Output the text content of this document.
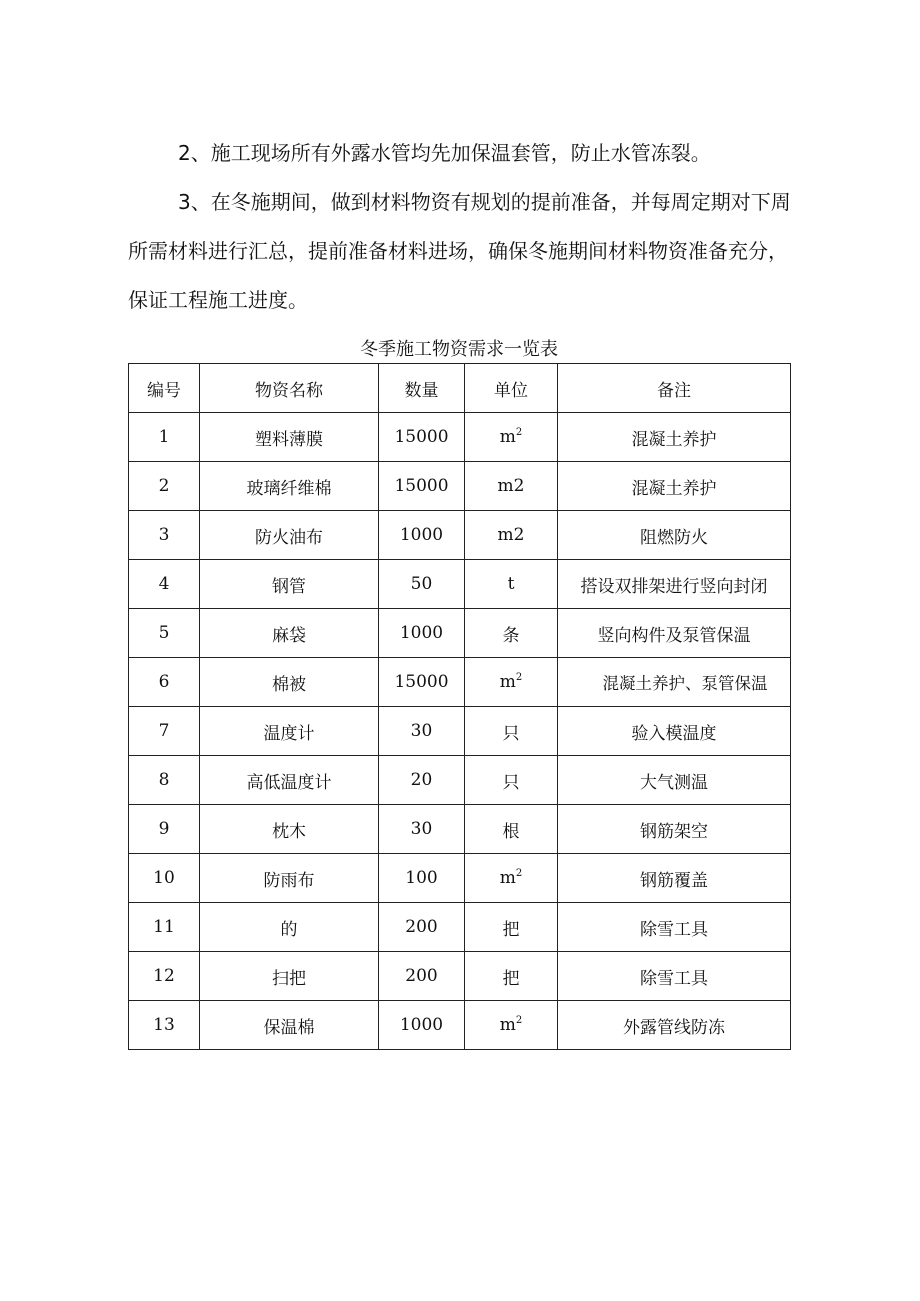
2、施工现场所有外露水管均先加保温套管，防止水管冻裂。

3、在冬施期间，做到材料物资有规划的提前准备，并每周定期对下周
所需材料进行汇总，提前准备材料进场，确保冬施期间材料物资准备充分，
保证工程施工进度。

冬季施工物资需求一览表

编号	物资名称	数量	单位	备注
1	塑料薄膜	15000	$m^2$	混凝土养护
2	玻璃纤维棉	15000	m2	混凝土养护
3	防火油布	1000	m2	阻燃防火
4	钢管	50	t	搭设双排架进行竖向封闭
5	麻袋	1000	条	竖向构件及泵管保温
6	棉被	15000	$m^2$	混凝土养护、泵管保温
7	温度计	30	只	验入模温度
8	高低温度计	20	只	大气测温
9	枕木	30	根	钢筋架空
10	防雨布	100	$m^2$	钢筋覆盖
11	的	200	把	除雪工具
12	扫把	200	把	除雪工具
13	保温棉	1000	$m^2$	外露管线防冻
